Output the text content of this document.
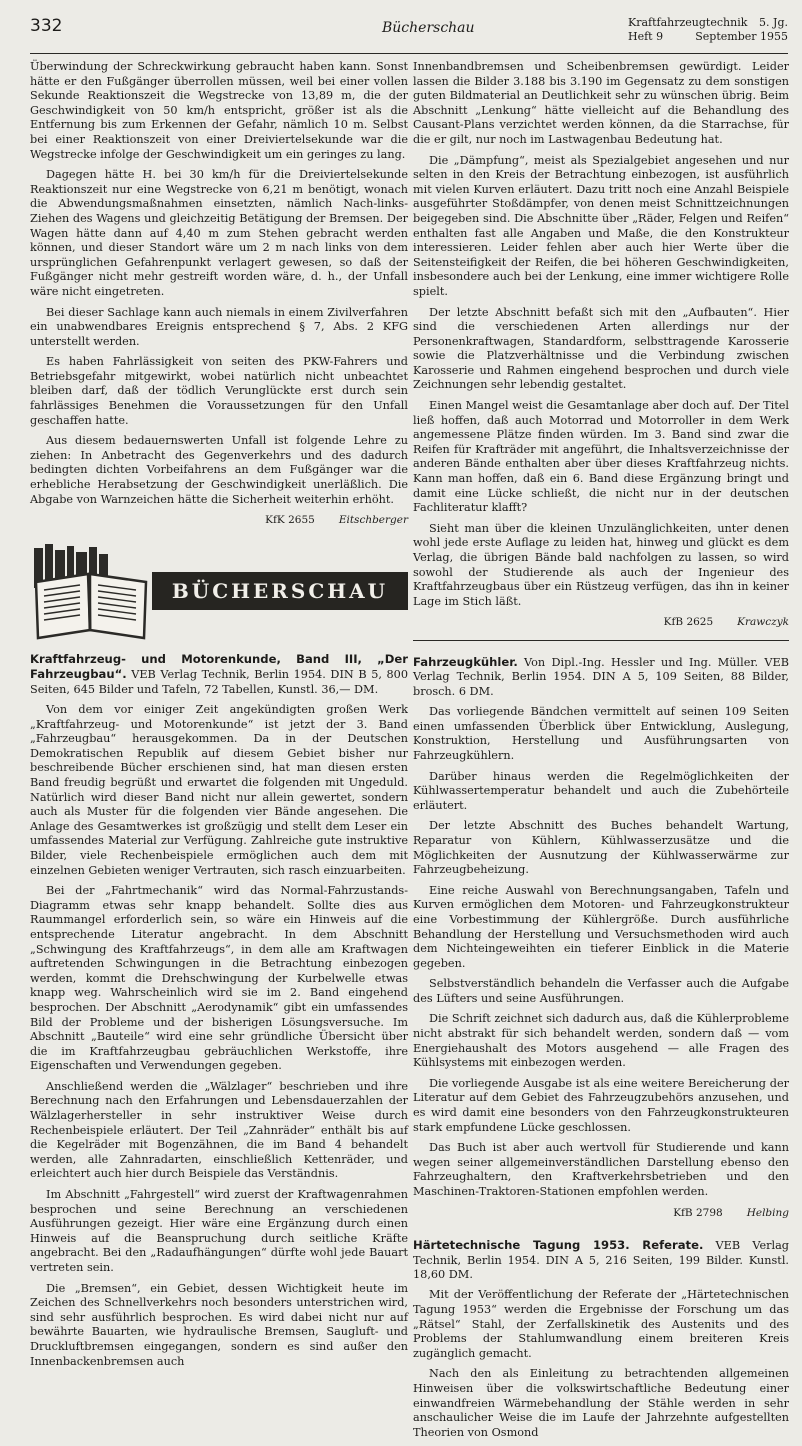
332	Bücherschau	Kraftfahrzeugtechnik 5. Jg.
Heft 9	September 1955

Überwindung der Schreckwirkung gebraucht haben kann. Sonst hätte er den Fußgänger überrollen müssen, weil bei einer vollen Sekunde Reaktionszeit die Wegstrecke von 13,89 m, die der Geschwindigkeit von 50 km/h entspricht, größer ist als die Entfernung bis zum Erkennen der Gefahr, nämlich 10 m. Selbst bei einer Reaktionszeit von einer Dreiviertelsekunde war die Wegstrecke infolge der Geschwindigkeit um ein geringes zu lang.

Dagegen hätte H. bei 30 km/h für die Dreiviertelsekunde Reaktionszeit nur eine Wegstrecke von 6,21 m benötigt, wonach die Abwendungsmaßnahmen einsetzten, nämlich Nach-links-Ziehen des Wagens und gleichzeitig Betätigung der Bremsen. Der Wagen hätte dann auf 4,40 m zum Stehen gebracht werden können, und dieser Standort wäre um 2 m nach links von dem ursprünglichen Gefahrenpunkt verlagert gewesen, so daß der Fußgänger nicht mehr gestreift worden wäre, d. h., der Unfall wäre nicht eingetreten.

Bei dieser Sachlage kann auch niemals in einem Zivilverfahren ein unabwendbares Ereignis entsprechend § 7, Abs. 2 KFG unterstellt werden.

Es haben Fahrlässigkeit von seiten des PKW-Fahrers und Betriebsgefahr mitgewirkt, wobei natürlich nicht unbeachtet bleiben darf, daß der tödlich Verunglückte erst durch sein fahrlässiges Benehmen die Voraussetzungen für den Unfall geschaffen hatte.

Aus diesem bedauernswerten Unfall ist folgende Lehre zu ziehen: In Anbetracht des Gegenverkehrs und des dadurch bedingten dichten Vorbeifahrens an dem Fußgänger war die erhebliche Herabsetzung der Geschwindigkeit unerläßlich. Die Abgabe von Warnzeichen hätte die Sicherheit weiterhin erhöht.

KfK 2655 Eitschberger
BÜCHERSCHAU
Kraftfahrzeug- und Motorenkunde, Band III, „Der Fahrzeugbau“. VEB Verlag Technik, Berlin 1954. DIN B 5, 800 Seiten, 645 Bilder und Tafeln, 72 Tabellen, Kunstl. 36,— DM.

Von dem vor einiger Zeit angekündigten großen Werk „Kraftfahrzeug- und Motorenkunde“ ist jetzt der 3. Band „Fahrzeugbau“ herausgekommen. Da in der Deutschen Demokratischen Republik auf diesem Gebiet bisher nur beschreibende Bücher erschienen sind, hat man diesen ersten Band freudig begrüßt und erwartet die folgenden mit Ungeduld. Natürlich wird dieser Band nicht nur allein gewertet, sondern auch als Muster für die folgenden vier Bände angesehen. Die Anlage des Gesamtwerkes ist großzügig und stellt dem Leser ein umfassendes Material zur Verfügung. Zahlreiche gute instruktive Bilder, viele Rechenbeispiele ermöglichen auch dem mit einzelnen Gebieten weniger Vertrauten, sich rasch einzuarbeiten.

Bei der „Fahrtmechanik“ wird das Normal-Fahrzustands-Diagramm etwas sehr knapp behandelt. Sollte dies aus Raummangel erforderlich sein, so wäre ein Hinweis auf die entsprechende Literatur angebracht. In dem Abschnitt „Schwingung des Kraftfahrzeugs“, in dem alle am Kraftwagen auftretenden Schwingungen in die Betrachtung einbezogen werden, kommt die Drehschwingung der Kurbelwelle etwas knapp weg. Wahrscheinlich wird sie im 2. Band eingehend besprochen. Der Abschnitt „Aerodynamik“ gibt ein umfassendes Bild der Probleme und der bisherigen Lösungsversuche. Im Abschnitt „Bauteile“ wird eine sehr gründliche Übersicht über die im Kraftfahrzeugbau gebräuchlichen Werkstoffe, ihre Eigenschaften und Verwendungen gegeben.

Anschließend werden die „Wälzlager“ beschrieben und ihre Berechnung nach den Erfahrungen und Lebensdauerzahlen der Wälzlagerhersteller in sehr instruktiver Weise durch Rechenbeispiele erläutert. Der Teil „Zahnräder“ enthält bis auf die Kegelräder mit Bogenzähnen, die im Band 4 behandelt werden, alle Zahnradarten, einschließlich Kettenräder, und erleichtert auch hier durch Beispiele das Verständnis.

Im Abschnitt „Fahrgestell“ wird zuerst der Kraftwagenrahmen besprochen und seine Berechnung an verschiedenen Ausführungen gezeigt. Hier wäre eine Ergänzung durch einen Hinweis auf die Beanspruchung durch seitliche Kräfte angebracht. Bei den „Radaufhängungen“ dürfte wohl jede Bauart vertreten sein.

Die „Bremsen“, ein Gebiet, dessen Wichtigkeit heute im Zeichen des Schnellverkehrs noch besonders unterstrichen wird, sind sehr ausführlich besprochen. Es wird dabei nicht nur auf bewährte Bauarten, wie hydraulische Bremsen, Saugluft- und Druckluftbremsen eingegangen, sondern es sind außer den Innenbackenbremsen auch

Innenbandbremsen und Scheibenbremsen gewürdigt. Leider lassen die Bilder 3.188 bis 3.190 im Gegensatz zu dem sonstigen guten Bildmaterial an Deutlichkeit sehr zu wünschen übrig. Beim Abschnitt „Lenkung“ hätte vielleicht auf die Behandlung des Causant-Plans verzichtet werden können, da die Starrachse, für die er gilt, nur noch im Lastwagenbau Bedeutung hat.

Die „Dämpfung“, meist als Spezialgebiet angesehen und nur selten in den Kreis der Betrachtung einbezogen, ist ausführlich mit vielen Kurven erläutert. Dazu tritt noch eine Anzahl Beispiele ausgeführter Stoßdämpfer, von denen meist Schnittzeichnungen beigegeben sind. Die Abschnitte über „Räder, Felgen und Reifen“ enthalten fast alle Angaben und Maße, die den Konstrukteur interessieren. Leider fehlen aber auch hier Werte über die Seitensteifigkeit der Reifen, die bei höheren Geschwindigkeiten, insbesondere auch bei der Lenkung, eine immer wichtigere Rolle spielt.

Der letzte Abschnitt befaßt sich mit den „Aufbauten“. Hier sind die verschiedenen Arten allerdings nur der Personenkraftwagen, Standardform, selbsttragende Karosserie sowie die Platzverhältnisse und die Verbindung zwischen Karosserie und Rahmen eingehend besprochen und durch viele Zeichnungen sehr lebendig gestaltet.

Einen Mangel weist die Gesamtanlage aber doch auf. Der Titel ließ hoffen, daß auch Motorrad und Motorroller in dem Werk angemessene Plätze finden würden. Im 3. Band sind zwar die Reifen für Krafträder mit angeführt, die Inhaltsverzeichnisse der anderen Bände enthalten aber über dieses Kraftfahrzeug nichts. Kann man hoffen, daß ein 6. Band diese Ergänzung bringt und damit eine Lücke schließt, die nicht nur in der deutschen Fachliteratur klafft?

Sieht man über die kleinen Unzulänglichkeiten, unter denen wohl jede erste Auflage zu leiden hat, hinweg und glückt es dem Verlag, die übrigen Bände bald nachfolgen zu lassen, so wird sowohl der Studierende als auch der Ingenieur des Kraftfahrzeugbaus über ein Rüstzeug verfügen, das ihn in keiner Lage im Stich läßt.

KfB 2625 Krawczyk
Fahrzeugkühler. Von Dipl.-Ing. Hessler und Ing. Müller. VEB Verlag Technik, Berlin 1954. DIN A 5, 109 Seiten, 88 Bilder, brosch. 6 DM.

Das vorliegende Bändchen vermittelt auf seinen 109 Seiten einen umfassenden Überblick über Entwicklung, Auslegung, Konstruktion, Herstellung und Ausführungsarten von Fahrzeugkühlern.

Darüber hinaus werden die Regelmöglichkeiten der Kühlwassertemperatur behandelt und auch die Zubehörteile erläutert.

Der letzte Abschnitt des Buches behandelt Wartung, Reparatur von Kühlern, Kühlwasserzusätze und die Möglichkeiten der Ausnutzung der Kühlwasserwärme zur Fahrzeugbeheizung.

Eine reiche Auswahl von Berechnungsangaben, Tafeln und Kurven ermöglichen dem Motoren- und Fahrzeugkonstrukteur eine Vorbestimmung der Kühlergröße. Durch ausführliche Behandlung der Herstellung und Versuchsmethoden wird auch dem Nichteingeweihten ein tieferer Einblick in die Materie gegeben.

Selbstverständlich behandeln die Verfasser auch die Aufgabe des Lüfters und seine Ausführungen.

Die Schrift zeichnet sich dadurch aus, daß die Kühlerprobleme nicht abstrakt für sich behandelt werden, sondern daß — vom Energiehaushalt des Motors ausgehend — alle Fragen des Kühlsystems mit einbezogen werden.

Die vorliegende Ausgabe ist als eine weitere Bereicherung der Literatur auf dem Gebiet des Fahrzeugzubehörs anzusehen, und es wird damit eine besonders von den Fahrzeugkonstrukteuren stark empfundene Lücke geschlossen.

Das Buch ist aber auch wertvoll für Studierende und kann wegen seiner allgemeinverständlichen Darstellung ebenso den Fahrzeughaltern, den Kraftverkehrsbetrieben und den Maschinen-Traktoren-Stationen empfohlen werden.

KfB 2798 Helbing
Härtetechnische Tagung 1953. Referate. VEB Verlag Technik, Berlin 1954. DIN A 5, 216 Seiten, 199 Bilder. Kunstl. 18,60 DM.

Mit der Veröffentlichung der Referate der „Härtetechnischen Tagung 1953“ werden die Ergebnisse der Forschung um das „Rätsel“ Stahl, der Zerfallskinetik des Austenits und des Problems der Stahlumwandlung einem breiteren Kreis zugänglich gemacht.

Nach den als Einleitung zu betrachtenden allgemeinen Hinweisen über die volkswirtschaftliche Bedeutung einer einwandfreien Wärmebehandlung der Stähle werden in sehr anschaulicher Weise die im Laufe der Jahrzehnte aufgestellten Theorien von Osmond
